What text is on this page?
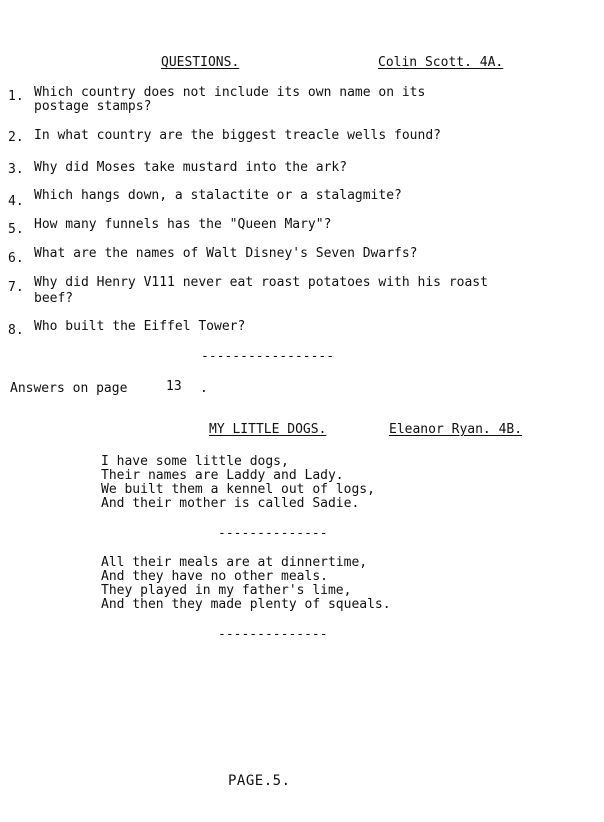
QUESTIONS.	Colin Scott. 4A.
1. Which country does not include its own name on its
postage stamps?
2. In what country are the biggest treacle wells found?
3. Why did Moses take mustard into the ark?
4. Which hangs down, a stalactite or a stalagmite?
5. How many funnels has the "Queen Mary"?
6. What are the names of Walt Disney's Seven Dwarfs?
7. Why did Henry V111 never eat roast potatoes with his roast
beef?
8. Who built the Eiffel Tower?
-----------------
Answers on page	13 .
MY LITTLE DOGS.	Eleanor Ryan. 4B.
I have some little dogs,
Their names are Laddy and Lady.
We built them a kennel out of logs,
And their mother is called Sadie.
--------------
All their meals are at dinnertime,
And they have no other meals.
They played in my father's lime,
And then they made plenty of squeals.
--------------
PAGE.5.
